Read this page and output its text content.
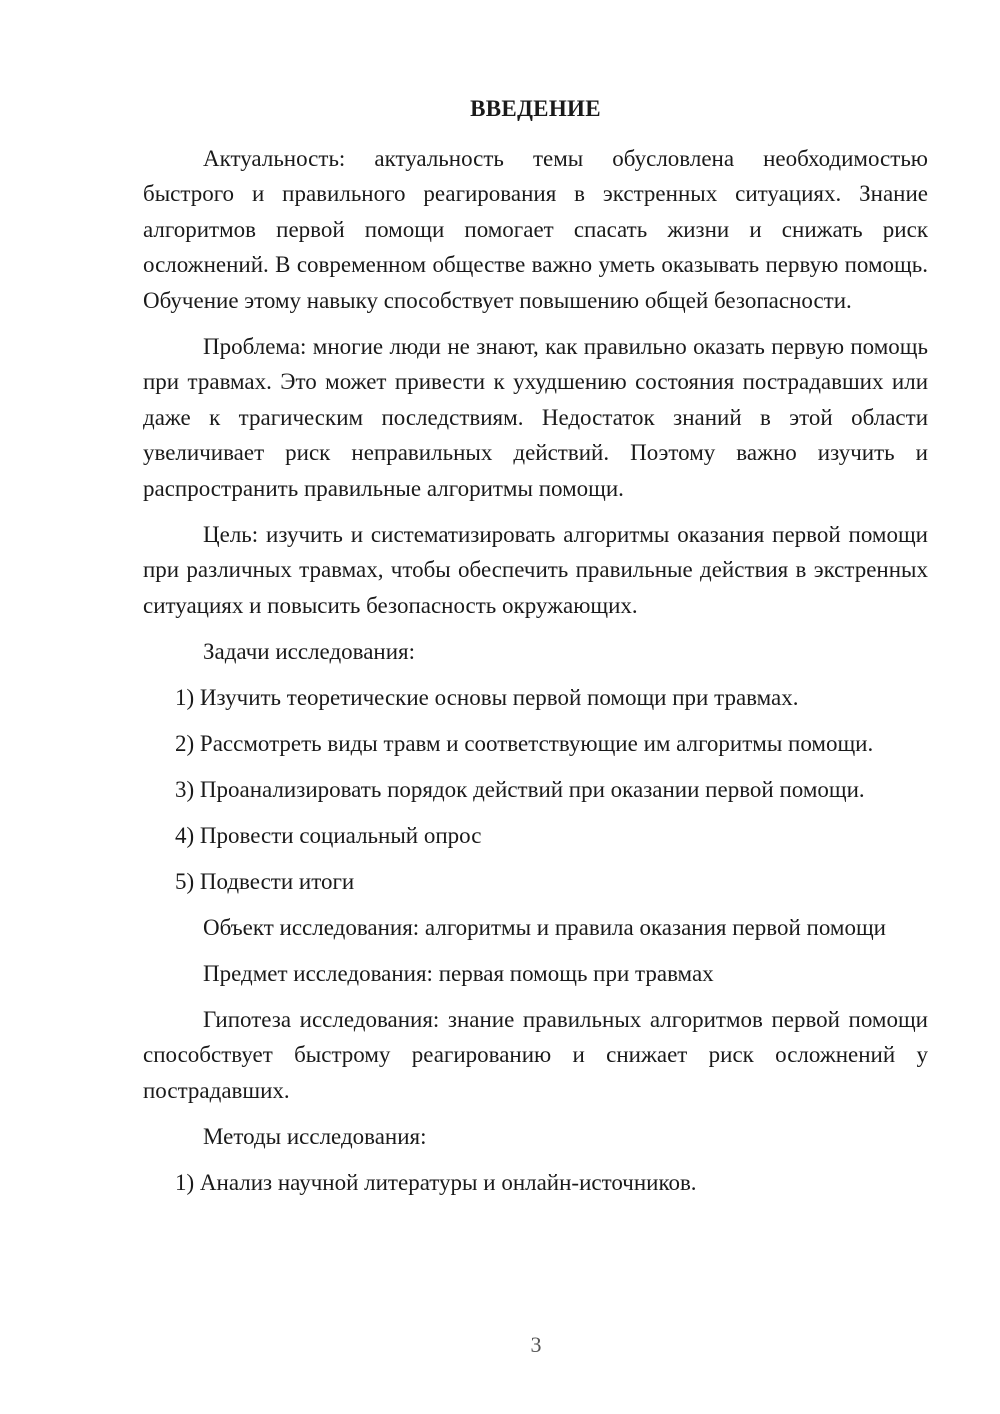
ВВЕДЕНИЕ

Актуальность: актуальность темы обусловлена необходимостью быстрого и правильного реагирования в экстренных ситуациях. Знание алгоритмов первой помощи помогает спасать жизни и снижать риск осложнений. В современном обществе важно уметь оказывать первую помощь. Обучение этому навыку способствует повышению общей безопасности.

Проблема: многие люди не знают, как правильно оказать первую помощь при травмах. Это может привести к ухудшению состояния пострадавших или даже к трагическим последствиям. Недостаток знаний в этой области увеличивает риск неправильных действий. Поэтому важно изучить и распространить правильные алгоритмы помощи.

Цель: изучить и систематизировать алгоритмы оказания первой помощи при различных травмах, чтобы обеспечить правильные действия в экстренных ситуациях и повысить безопасность окружающих.

Задачи исследования:

1) Изучить теоретические основы первой помощи при травмах.

2) Рассмотреть виды травм и соответствующие им алгоритмы помощи.

3) Проанализировать порядок действий при оказании первой помощи.

4) Провести социальный опрос

5) Подвести итоги

Объект исследования: алгоритмы и правила оказания первой помощи

Предмет исследования: первая помощь при травмах

Гипотеза исследования: знание правильных алгоритмов первой помощи способствует быстрому реагированию и снижает риск осложнений у пострадавших.

Методы исследования:

1) Анализ научной литературы и онлайн-источников.

3
